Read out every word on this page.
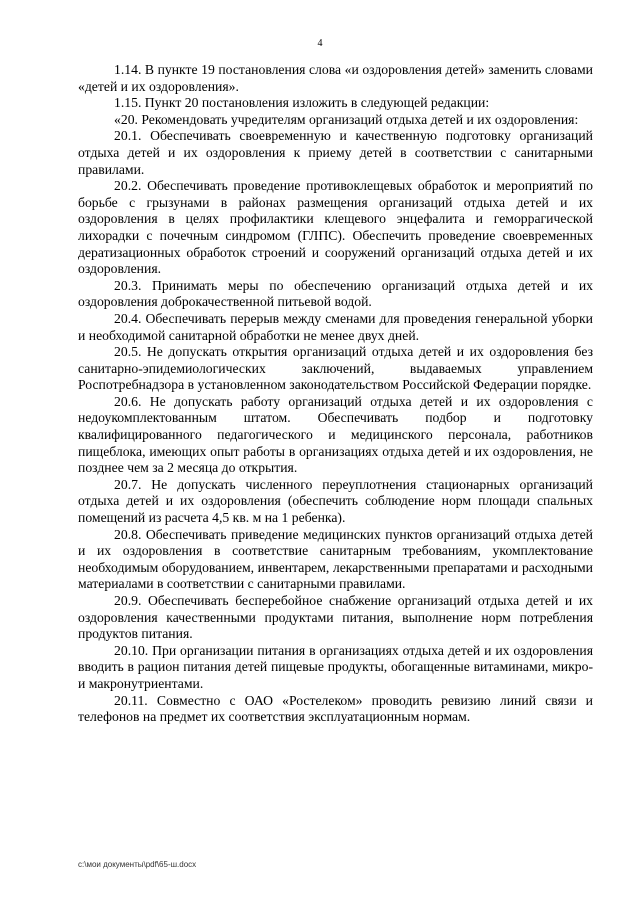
4

1.14. В пункте 19 постановления слова «и оздоровления детей» заменить словами «детей и их оздоровления».

1.15. Пункт 20 постановления изложить в следующей редакции:

«20. Рекомендовать учредителям организаций отдыха детей и их оздоровления:

20.1. Обеспечивать своевременную и качественную подготовку организаций отдыха детей и их оздоровления к приему детей в соответствии с санитарными правилами.

20.2. Обеспечивать проведение противоклещевых обработок и мероприятий по борьбе с грызунами в районах размещения организаций отдыха детей и их оздоровления в целях профилактики клещевого энцефалита и геморрагической лихорадки с почечным синдромом (ГЛПС). Обеспечить проведение своевременных дератизационных обработок строений и сооружений организаций отдыха детей и их оздоровления.

20.3. Принимать меры по обеспечению организаций отдыха детей и их оздоровления доброкачественной питьевой водой.

20.4. Обеспечивать перерыв между сменами для проведения генеральной уборки и необходимой санитарной обработки не менее двух дней.

20.5. Не допускать открытия организаций отдыха детей и их оздоровления без санитарно-эпидемиологических заключений, выдаваемых управлением Роспотребнадзора в установленном законодательством Российской Федерации порядке.

20.6. Не допускать работу организаций отдыха детей и их оздоровления с недоукомплектованным штатом. Обеспечивать подбор и подготовку квалифицированного педагогического и медицинского персонала, работников пищеблока, имеющих опыт работы в организациях отдыха детей и их оздоровления, не позднее чем за 2 месяца до открытия.

20.7. Не допускать численного переуплотнения стационарных организаций отдыха детей и их оздоровления (обеспечить соблюдение норм площади спальных помещений из расчета 4,5 кв. м на 1 ребенка).

20.8. Обеспечивать приведение медицинских пунктов организаций отдыха детей и их оздоровления в соответствие санитарным требованиям, укомплектование необходимым оборудованием, инвентарем, лекарственными препаратами и расходными материалами в соответствии с санитарными правилами.

20.9. Обеспечивать бесперебойное снабжение организаций отдыха детей и их оздоровления качественными продуктами питания, выполнение норм потребления продуктов питания.

20.10. При организации питания в организациях отдыха детей и их оздоровления вводить в рацион питания детей пищевые продукты, обогащенные витаминами, микро- и макронутриентами.

20.11. Совместно с ОАО «Ростелеком» проводить ревизию линий связи и телефонов на предмет их соответствия эксплуатационным нормам.

c:\мои документы\pdf\65-ш.docx
